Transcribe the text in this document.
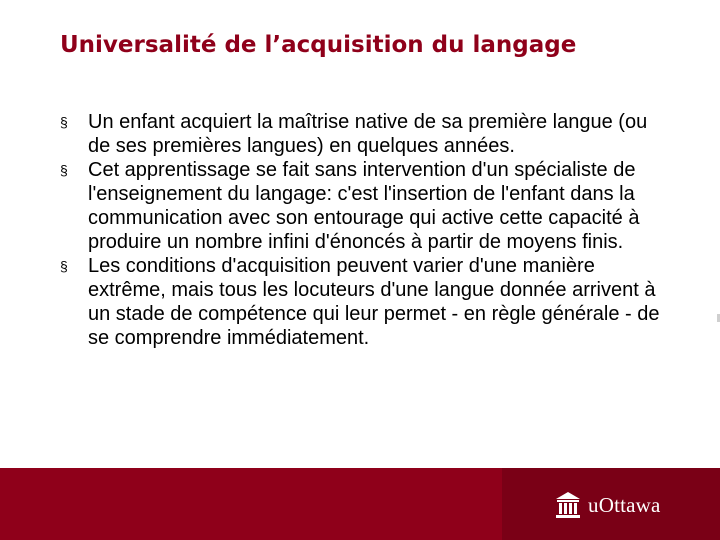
Universalité de l’acquisition du langage
§	Un enfant acquiert la maîtrise native de sa première langue (ou de ses premières langues) en quelques années.
§	Cet apprentissage se fait sans intervention d'un spécialiste de l'enseignement du langage: c'est l'insertion de l'enfant dans la communication avec son entourage qui active cette capacité à produire un nombre infini d'énoncés à partir de moyens finis.
§	Les conditions d'acquisition peuvent varier d'une manière extrême, mais tous les locuteurs d'une langue donnée arrivent à un stade de compétence qui leur permet - en règle générale - de se comprendre immédiatement.
uOttawa
